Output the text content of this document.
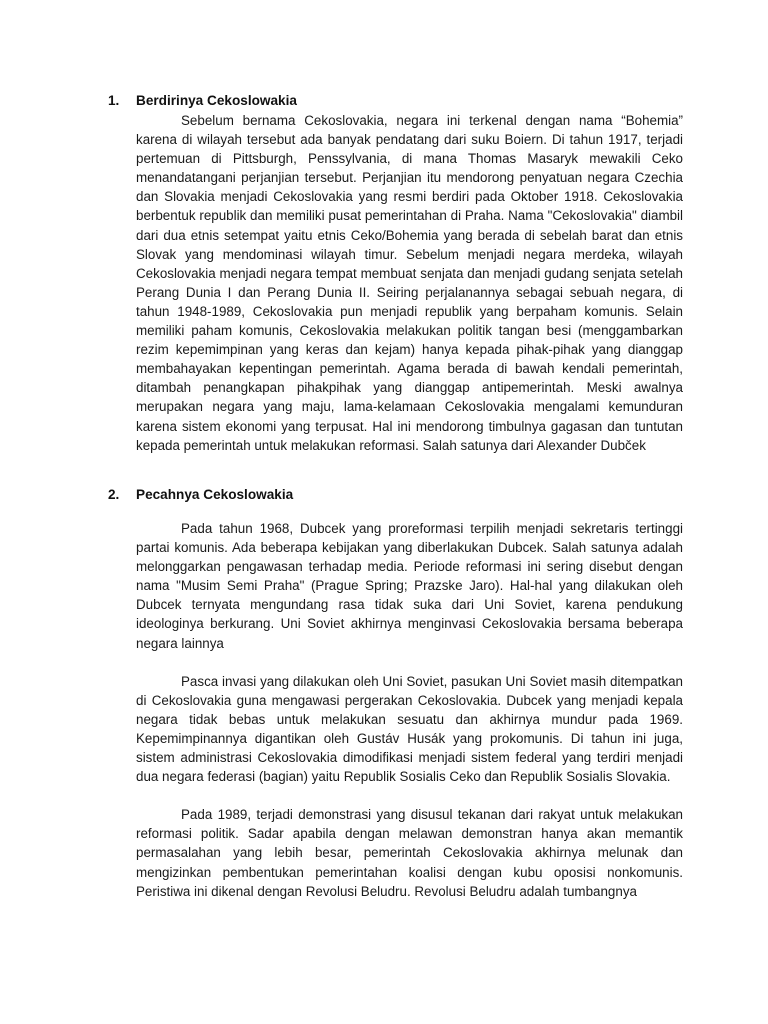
1.	Berdirinya Cekoslowakia

Sebelum bernama Cekoslovakia, negara ini terkenal dengan nama “Bohemia” karena di wilayah tersebut ada banyak pendatang dari suku Boiern. Di tahun 1917, terjadi pertemuan di Pittsburgh, Penssylvania, di mana Thomas Masaryk mewakili Ceko menandatangani perjanjian tersebut. Perjanjian itu mendorong penyatuan negara Czechia dan Slovakia menjadi Cekoslovakia yang resmi berdiri pada Oktober 1918. Cekoslovakia berbentuk republik dan memiliki pusat pemerintahan di Praha. Nama "Cekoslovakia" diambil dari dua etnis setempat yaitu etnis Ceko/Bohemia yang berada di sebelah barat dan etnis Slovak yang mendominasi wilayah timur. Sebelum menjadi negara merdeka, wilayah Cekoslovakia menjadi negara tempat membuat senjata dan menjadi gudang senjata setelah Perang Dunia I dan Perang Dunia II. Seiring perjalanannya sebagai sebuah negara, di tahun 1948-1989, Cekoslovakia pun menjadi republik yang berpaham komunis. Selain memiliki paham komunis, Cekoslovakia melakukan politik tangan besi (menggambarkan rezim kepemimpinan yang keras dan kejam) hanya kepada pihak-pihak yang dianggap membahayakan kepentingan pemerintah. Agama berada di bawah kendali pemerintah, ditambah penangkapan pihakpihak yang dianggap antipemerintah. Meski awalnya merupakan negara yang maju, lama-kelamaan Cekoslovakia mengalami kemunduran karena sistem ekonomi yang terpusat. Hal ini mendorong timbulnya gagasan dan tuntutan kepada pemerintah untuk melakukan reformasi. Salah satunya dari Alexander Dubček

2.	Pecahnya Cekoslowakia

Pada tahun 1968, Dubcek yang proreformasi terpilih menjadi sekretaris tertinggi partai komunis. Ada beberapa kebijakan yang diberlakukan Dubcek. Salah satunya adalah melonggarkan pengawasan terhadap media. Periode reformasi ini sering disebut dengan nama "Musim Semi Praha" (Prague Spring; Prazske Jaro). Hal-hal yang dilakukan oleh Dubcek ternyata mengundang rasa tidak suka dari Uni Soviet, karena pendukung ideologinya berkurang. Uni Soviet akhirnya menginvasi Cekoslovakia bersama beberapa negara lainnya

Pasca invasi yang dilakukan oleh Uni Soviet, pasukan Uni Soviet masih ditempatkan di Cekoslovakia guna mengawasi pergerakan Cekoslovakia. Dubcek yang menjadi kepala negara tidak bebas untuk melakukan sesuatu dan akhirnya mundur pada 1969. Kepemimpinannya digantikan oleh Gustáv Husák yang prokomunis. Di tahun ini juga, sistem administrasi Cekoslovakia dimodifikasi menjadi sistem federal yang terdiri menjadi dua negara federasi (bagian) yaitu Republik Sosialis Ceko dan Republik Sosialis Slovakia.

Pada 1989, terjadi demonstrasi yang disusul tekanan dari rakyat untuk melakukan reformasi politik. Sadar apabila dengan melawan demonstran hanya akan memantik permasalahan yang lebih besar, pemerintah Cekoslovakia akhirnya melunak dan mengizinkan pembentukan pemerintahan koalisi dengan kubu oposisi nonkomunis. Peristiwa ini dikenal dengan Revolusi Beludru. Revolusi Beludru adalah tumbangnya
